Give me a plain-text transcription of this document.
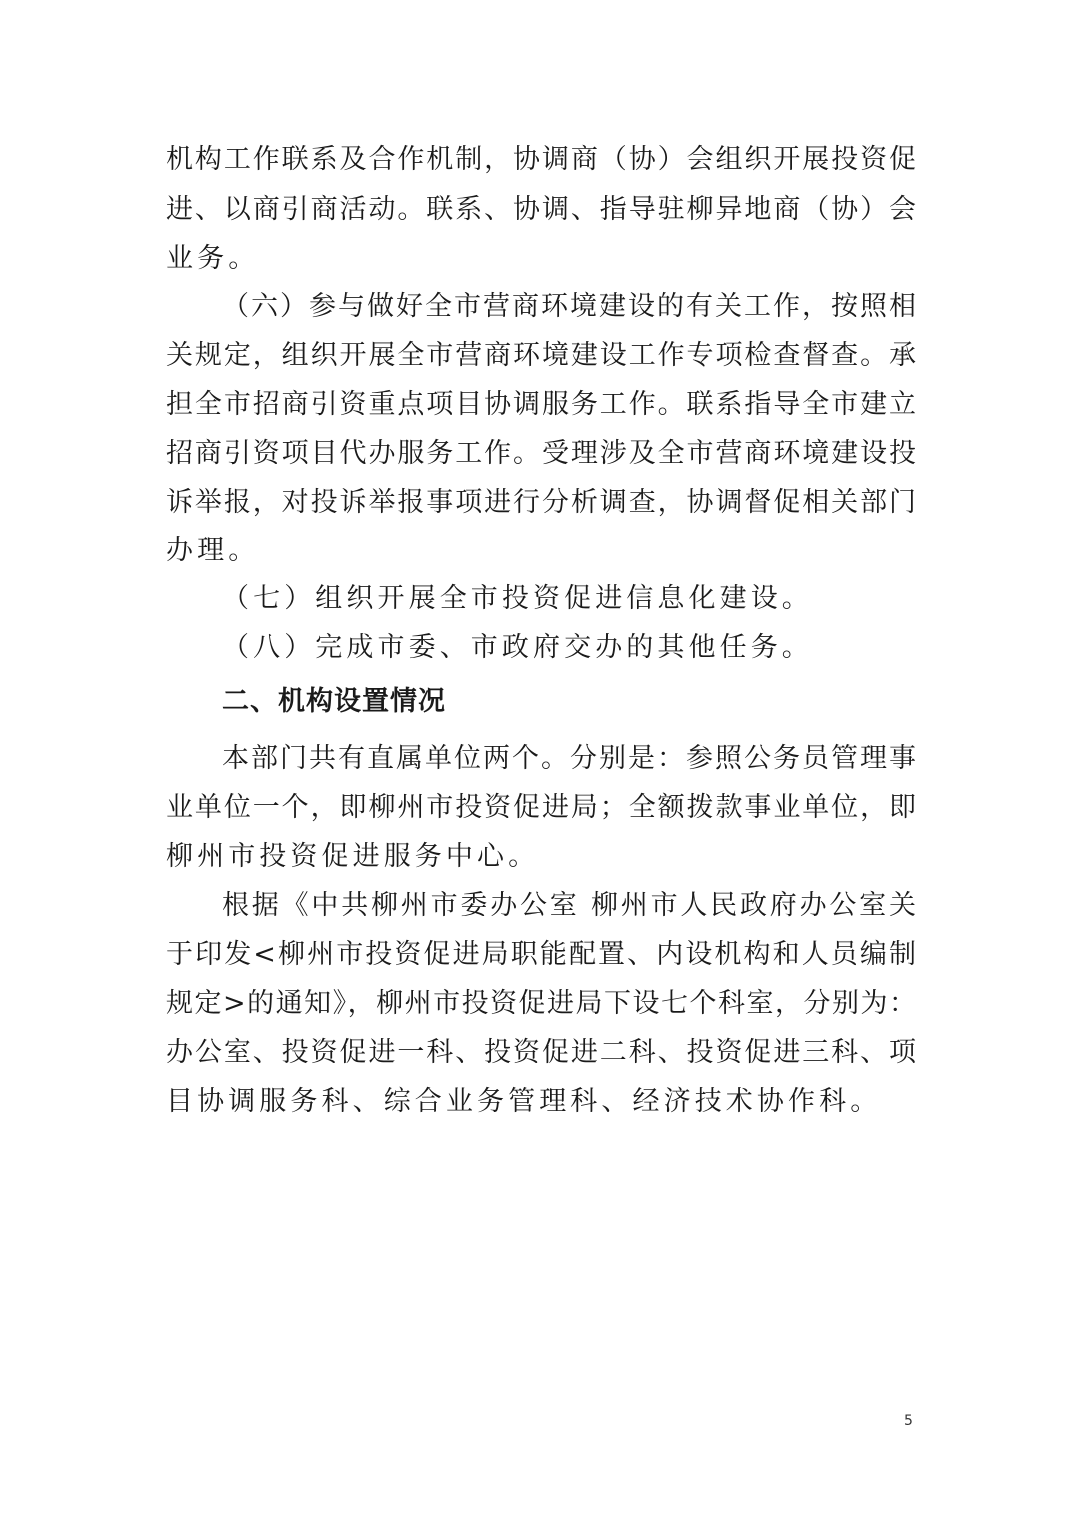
机构工作联系及合作机制，协调商（协）会组织开展投资促
进、以商引商活动。联系、协调、指导驻柳异地商（协）会
业务。
（六）参与做好全市营商环境建设的有关工作，按照相
关规定，组织开展全市营商环境建设工作专项检查督查。承
担全市招商引资重点项目协调服务工作。联系指导全市建立
招商引资项目代办服务工作。受理涉及全市营商环境建设投
诉举报，对投诉举报事项进行分析调查，协调督促相关部门
办理。
（七）组织开展全市投资促进信息化建设。
（八）完成市委、市政府交办的其他任务。
二、机构设置情况
本部门共有直属单位两个。分别是：参照公务员管理事
业单位一个，即柳州市投资促进局；全额拨款事业单位，即
柳州市投资促进服务中心。
根据《中共柳州市委办公室 柳州市人民政府办公室关
于印发<柳州市投资促进局职能配置、内设机构和人员编制
规定>的通知》，柳州市投资促进局下设七个科室，分别为：
办公室、投资促进一科、投资促进二科、投资促进三科、项
目协调服务科、综合业务管理科、经济技术协作科。
5
